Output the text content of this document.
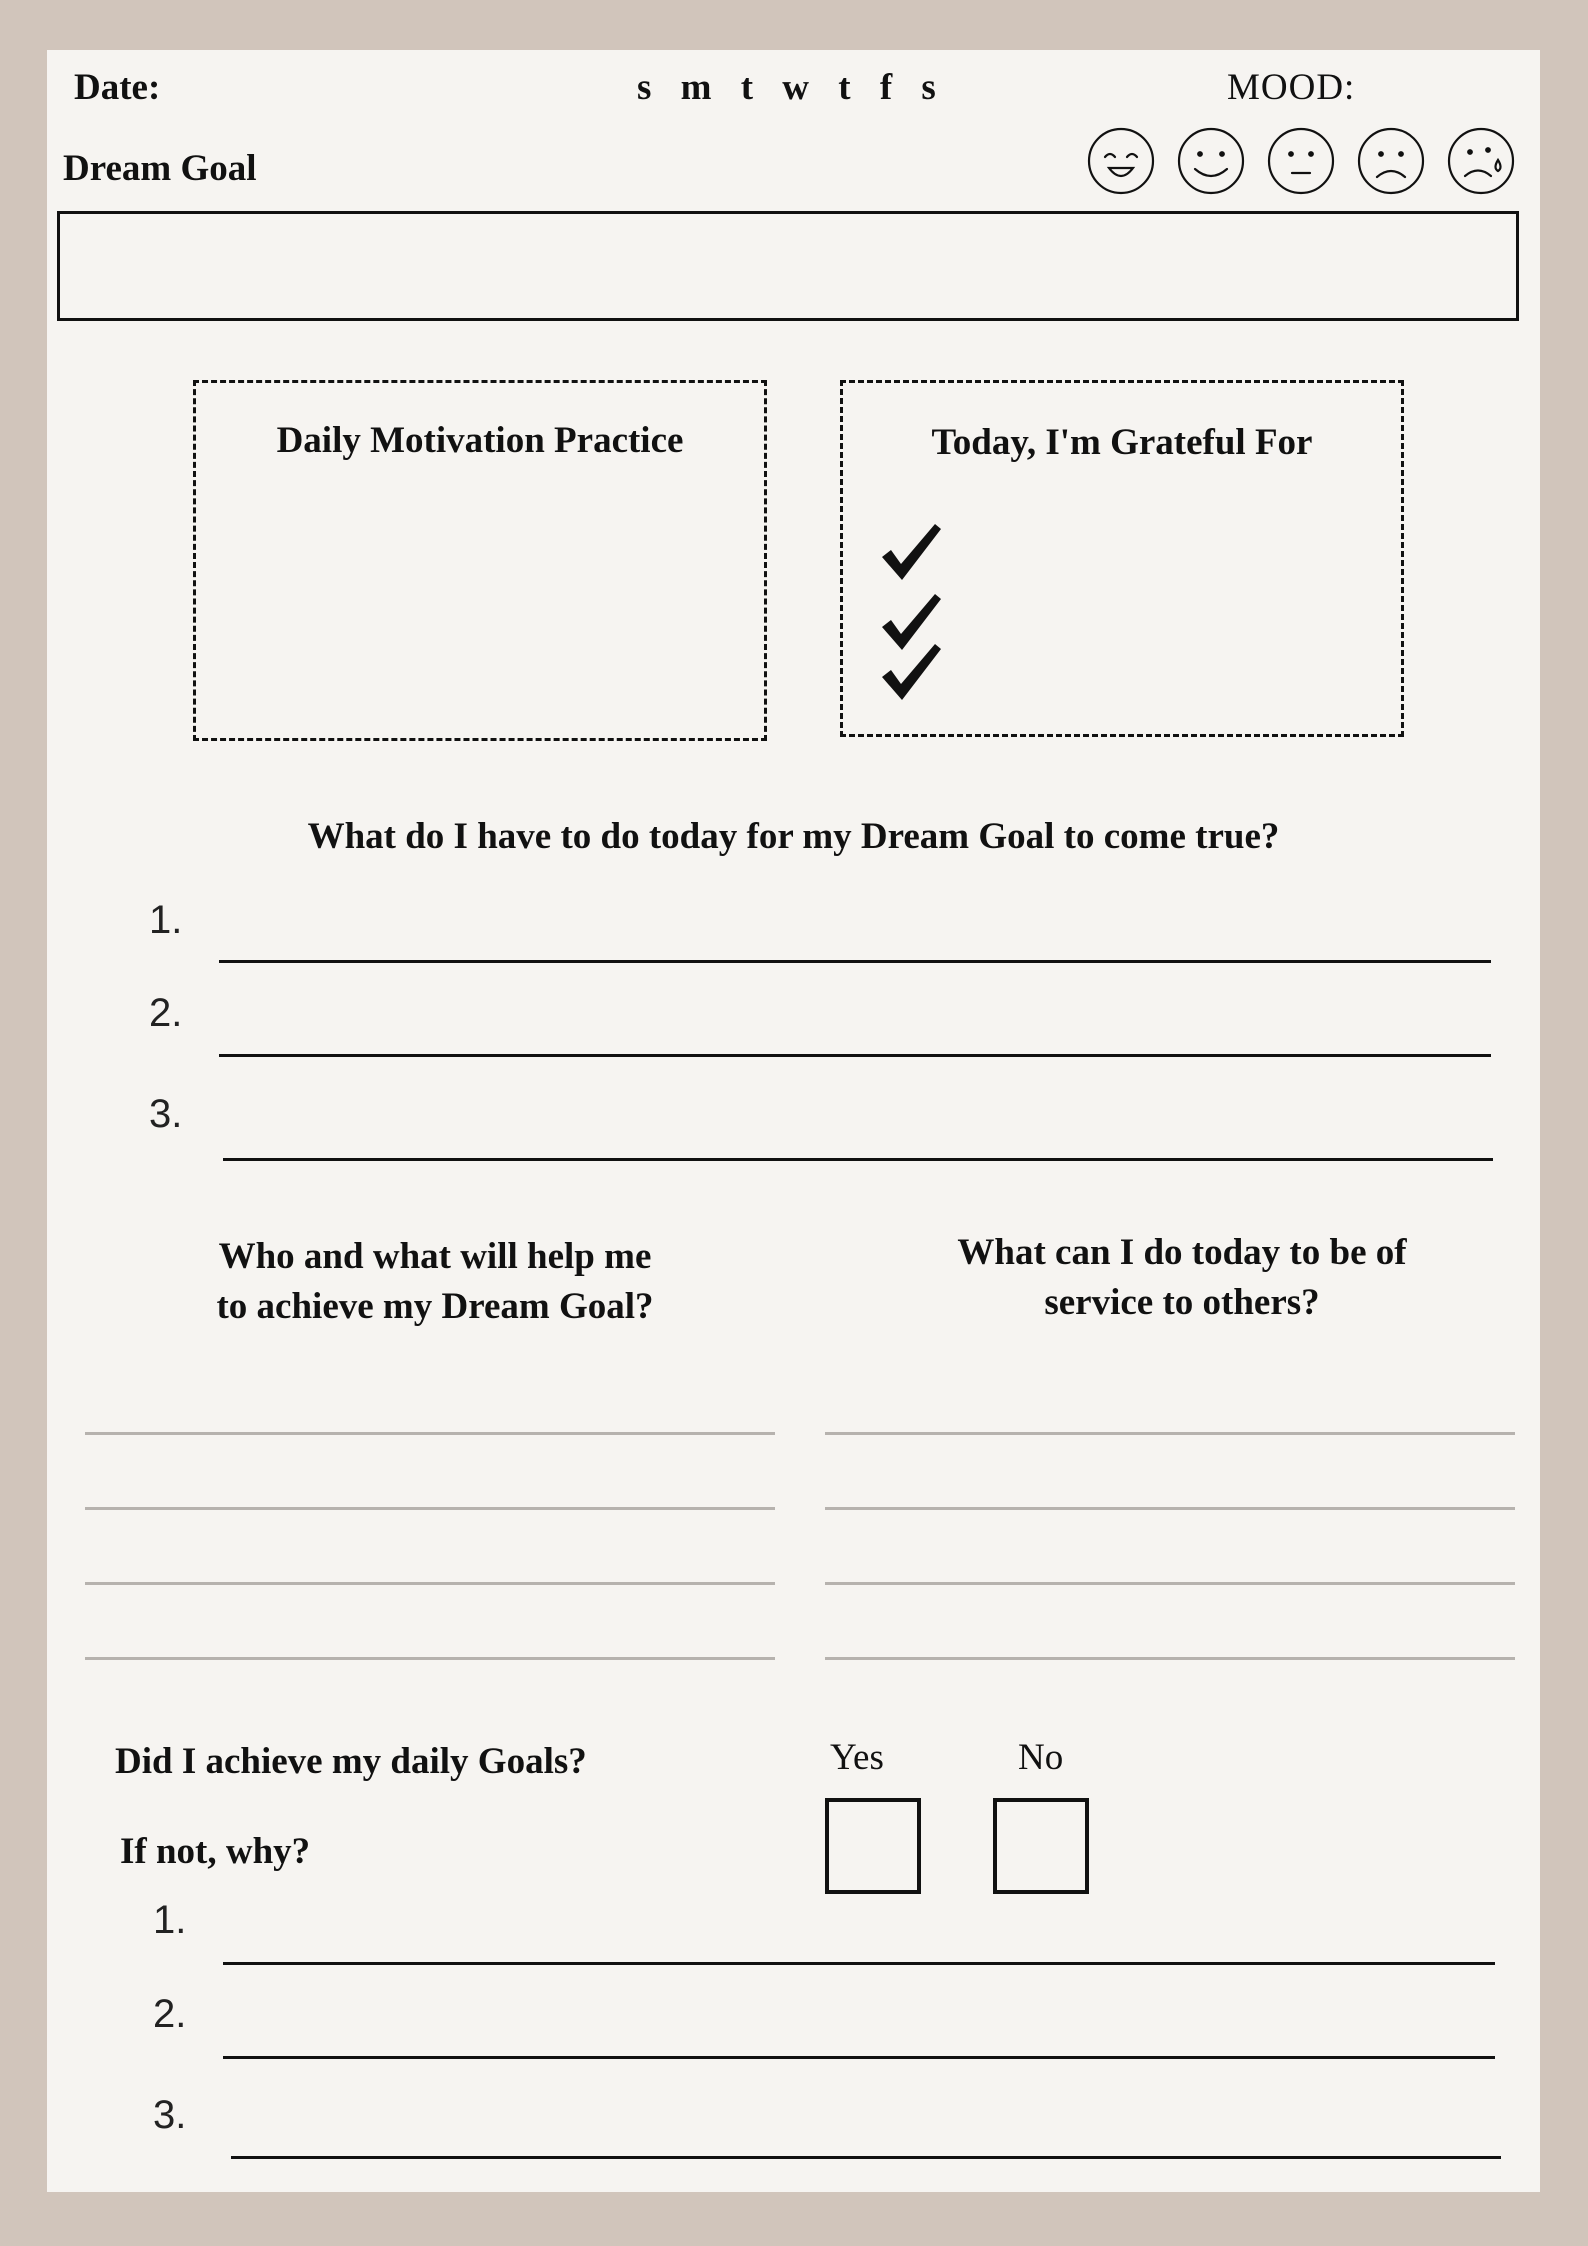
Date:	s m t w t f s	MOOD:
Dream Goal
Daily Motivation Practice	Today, I'm Grateful For
What do I have to do today for my Dream Goal to come true?
1.
2.
3.
Who and what will help me
to achieve my Dream Goal?
What can I do today to be of
service to others?
Did I achieve my daily Goals?	Yes	No
If not, why?
1.
2.
3.
